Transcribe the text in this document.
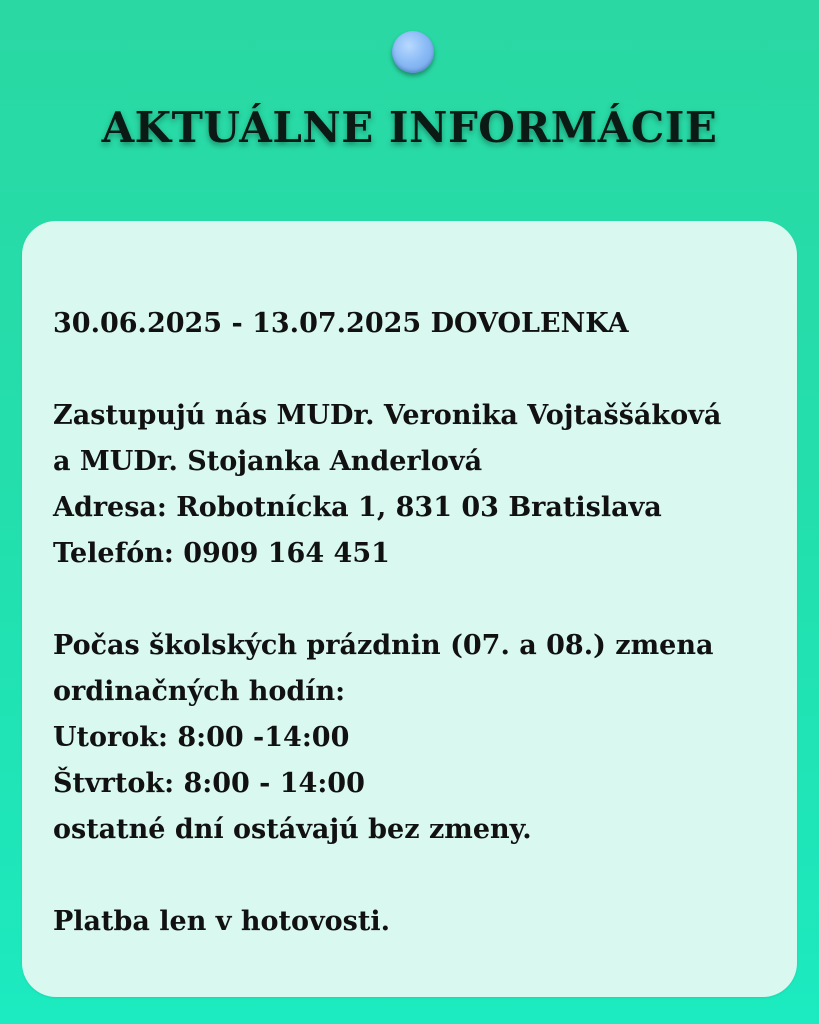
AKTUÁLNE INFORMÁCIE
30.06.2025 - 13.07.2025 DOVOLENKA
Zastupujú nás MUDr. Veronika Vojtaššáková
a MUDr. Stojanka Anderlová
Adresa: Robotnícka 1, 831 03 Bratislava
Telefón: 0909 164 451
Počas školských prázdnin (07. a 08.) zmena
ordinačných hodín:
Utorok: 8:00 -14:00
Štvrtok: 8:00 - 14:00
ostatné dní ostávajú bez zmeny.
Platba len v hotovosti.
